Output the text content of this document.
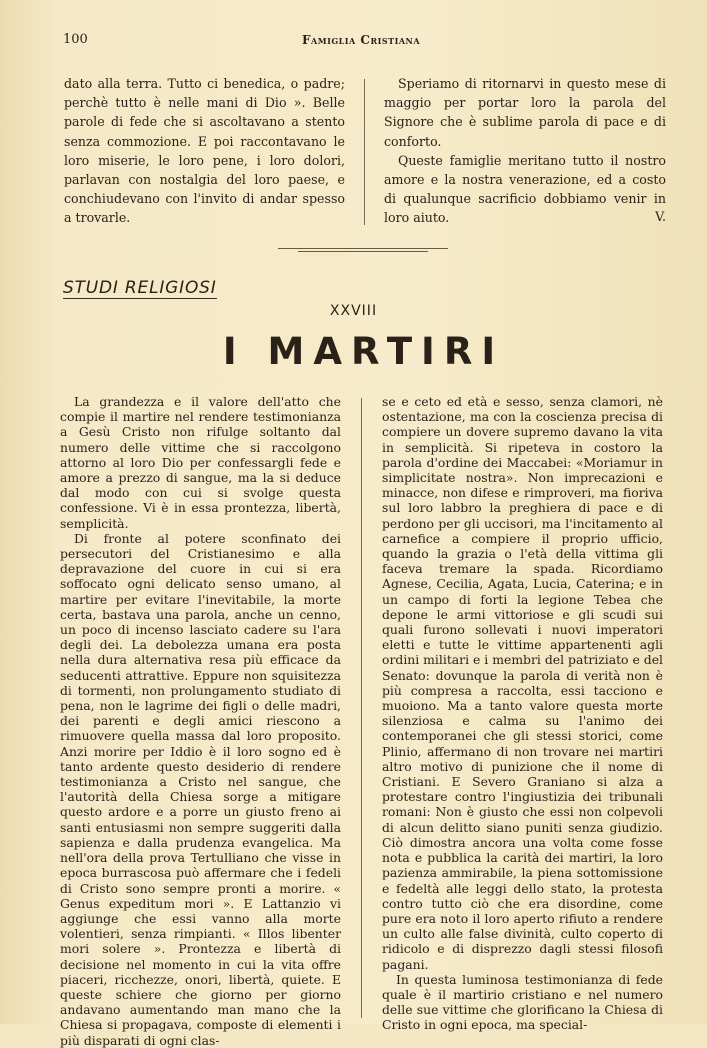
100	Famiglia Cristiana

dato alla terra. Tutto ci benedica, o padre; perchè tutto è nelle mani di Dio ». Belle parole di fede che si ascoltavano a stento senza commozione. E poi raccontavano le loro miserie, le loro pene, i loro dolori, parlavan con nostalgia del loro paese, e conchiudevano con l'invito di andar spesso a trovarle.

Speriamo di ritornarvi in questo mese di maggio per portar loro la parola del Signore che è sublime parola di pace e di conforto.

Queste famiglie meritano tutto il nostro amore e la nostra venerazione, ed a costo di qualunque sacrificio dobbiamo venir in loro aiuto.	V.
STUDI RELIGIOSI
XXVIII
I MARTIRI

La grandezza e il valore dell'atto che compie il martire nel rendere testimonianza a Gesù Cristo non rifulge soltanto dal numero delle vittime che si raccolgono attorno al loro Dio per confessargli fede e amore a prezzo di sangue, ma la si deduce dal modo con cui si svolge questa confessione. Vi è in essa prontezza, libertà, semplicità.

Di fronte al potere sconfinato dei persecutori del Cristianesimo e alla depravazione del cuore in cui si era soffocato ogni delicato senso umano, al martire per evitare l'inevitabile, la morte certa, bastava una parola, anche un cenno, un poco di incenso lasciato cadere su l'ara degli dei. La debolezza umana era posta nella dura alternativa resa più efficace da seducenti attrattive. Eppure non squisitezza di tormenti, non prolungamento studiato di pena, non le lagrime dei figli o delle madri, dei parenti e degli amici riescono a rimuovere quella massa dal loro proposito. Anzi morire per Iddio è il loro sogno ed è tanto ardente questo desiderio di rendere testimonianza a Cristo nel sangue, che l'autorità della Chiesa sorge a mitigare questo ardore e a porre un giusto freno ai santi entusiasmi non sempre suggeriti dalla sapienza e dalla prudenza evangelica. Ma nell'ora della prova Tertulliano che visse in epoca burrascosa può affermare che i fedeli di Cristo sono sempre pronti a morire. « Genus expeditum mori ». E Lattanzio vi aggiunge che essi vanno alla morte volentieri, senza rimpianti. « Illos libenter mori solere ». Prontezza e libertà di decisione nel momento in cui la vita offre piaceri, ricchezze, onori, libertà, quiete. E queste schiere che giorno per giorno andavano aumentando man mano che la Chiesa si propagava, composte di elementi i più disparati di ogni clas-

se e ceto ed età e sesso, senza clamori, nè ostentazione, ma con la coscienza precisa di compiere un dovere supremo davano la vita in semplicità. Si ripeteva in costoro la parola d'ordine dei Maccabei: «Moriamur in simplicitate nostra». Non imprecazioni e minacce, non difese e rimproveri, ma fioriva sul loro labbro la preghiera di pace e di perdono per gli uccisori, ma l'incitamento al carnefice a compiere il proprio ufficio, quando la grazia o l'età della vittima gli faceva tremare la spada. Ricordiamo Agnese, Cecilia, Agata, Lucia, Caterina; e in un campo di forti la legione Tebea che depone le armi vittoriose e gli scudi sui quali furono sollevati i nuovi imperatori eletti e tutte le vittime appartenenti agli ordini militari e i membri del patriziato e del Senato: dovunque la parola di verità non è più compresa a raccolta, essi tacciono e muoiono. Ma a tanto valore questa morte silenziosa e calma su l'animo dei contemporanei che gli stessi storici, come Plinio, affermano di non trovare nei martiri altro motivo di punizione che il nome di Cristiani. E Severo Graniano si alza a protestare contro l'ingiustizia dei tribunali romani: Non è giusto che essi non colpevoli di alcun delitto siano puniti senza giudizio. Ciò dimostra ancora una volta come fosse nota e pubblica la carità dei martiri, la loro pazienza ammirabile, la piena sottomissione e fedeltà alle leggi dello stato, la protesta contro tutto ciò che era disordine, come pure era noto il loro aperto rifiuto a rendere un culto alle false divinità, culto coperto di ridicolo e di disprezzo dagli stessi filosofi pagani.

In questa luminosa testimonianza di fede quale è il martirio cristiano e nel numero delle sue vittime che glorificano la Chiesa di Cristo in ogni epoca, ma special-
